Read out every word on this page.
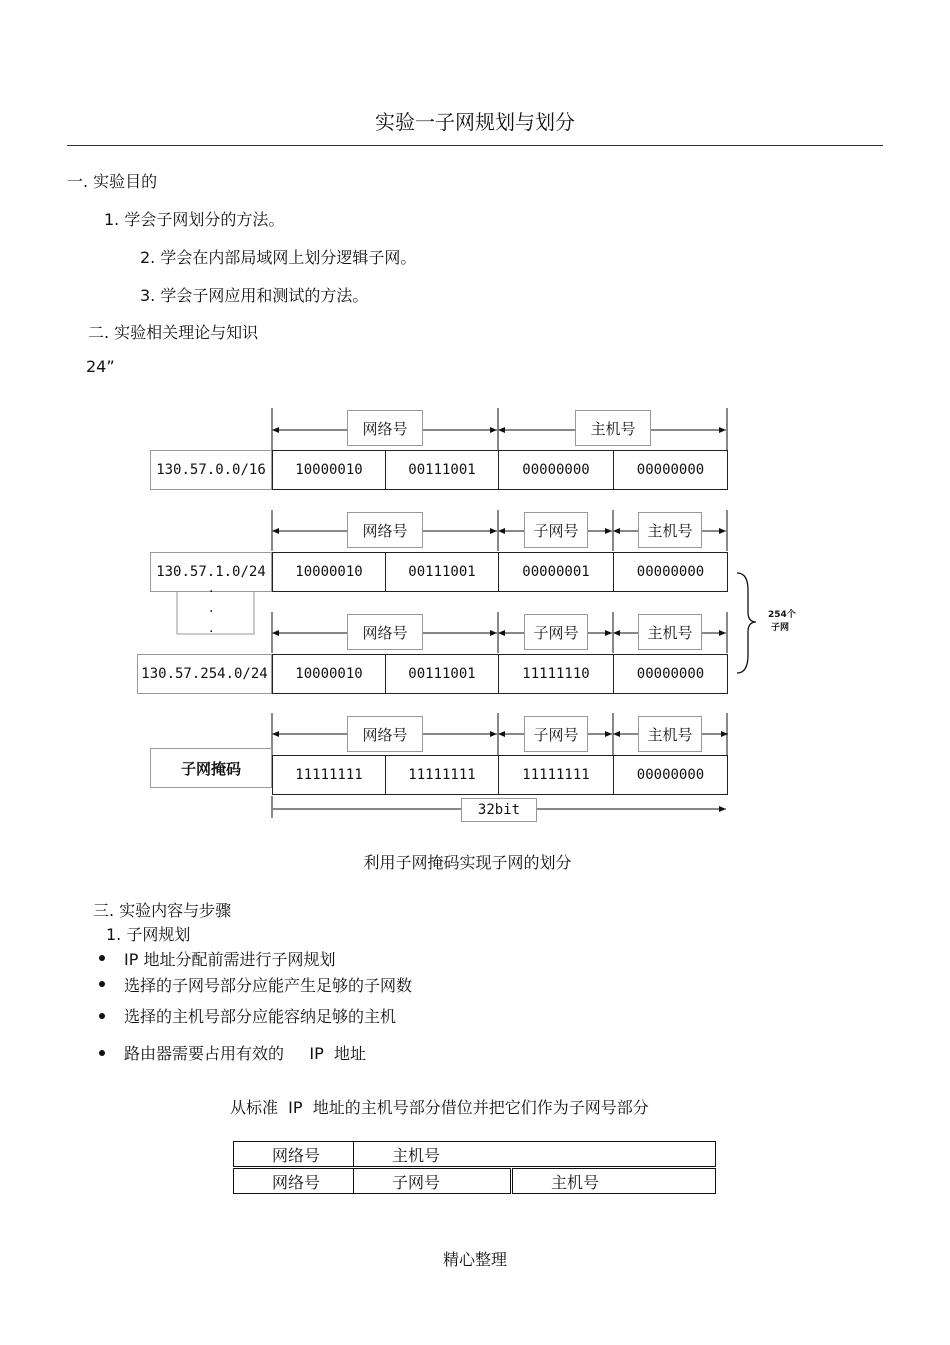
实验一子网规划与划分
一. 实验目的
1. 学会子网划分的方法。
2. 学会在内部局域网上划分逻辑子网。
3. 学会子网应用和测试的方法。
二. 实验相关理论与知识
24”
130.57.0.0/16	10000010	00111001	00000000	00000000
网络号	主机号
130.57.1.0/24	10000010	00111001	00000001	00000000
网络号	子网号	主机号
.
.
.
130.57.254.0/24	10000010	00111001	11111110	00000000
网络号	子网号	主机号
254个
子网
子网掩码	11111111	11111111	11111111	00000000
网络号	子网号	主机号
32bit
利用子网掩码实现子网的划分
三. 实验内容与步骤
1. 子网规划
IP 地址分配前需进行子网规划
选择的子网号部分应能产生足够的子网数
选择的主机号部分应能容纳足够的主机
路由器需要占用有效的     IP  地址
从标准  IP  地址的主机号部分借位并把它们作为子网号部分
网络号	主机号
网络号	子网号	主机号
精心整理
